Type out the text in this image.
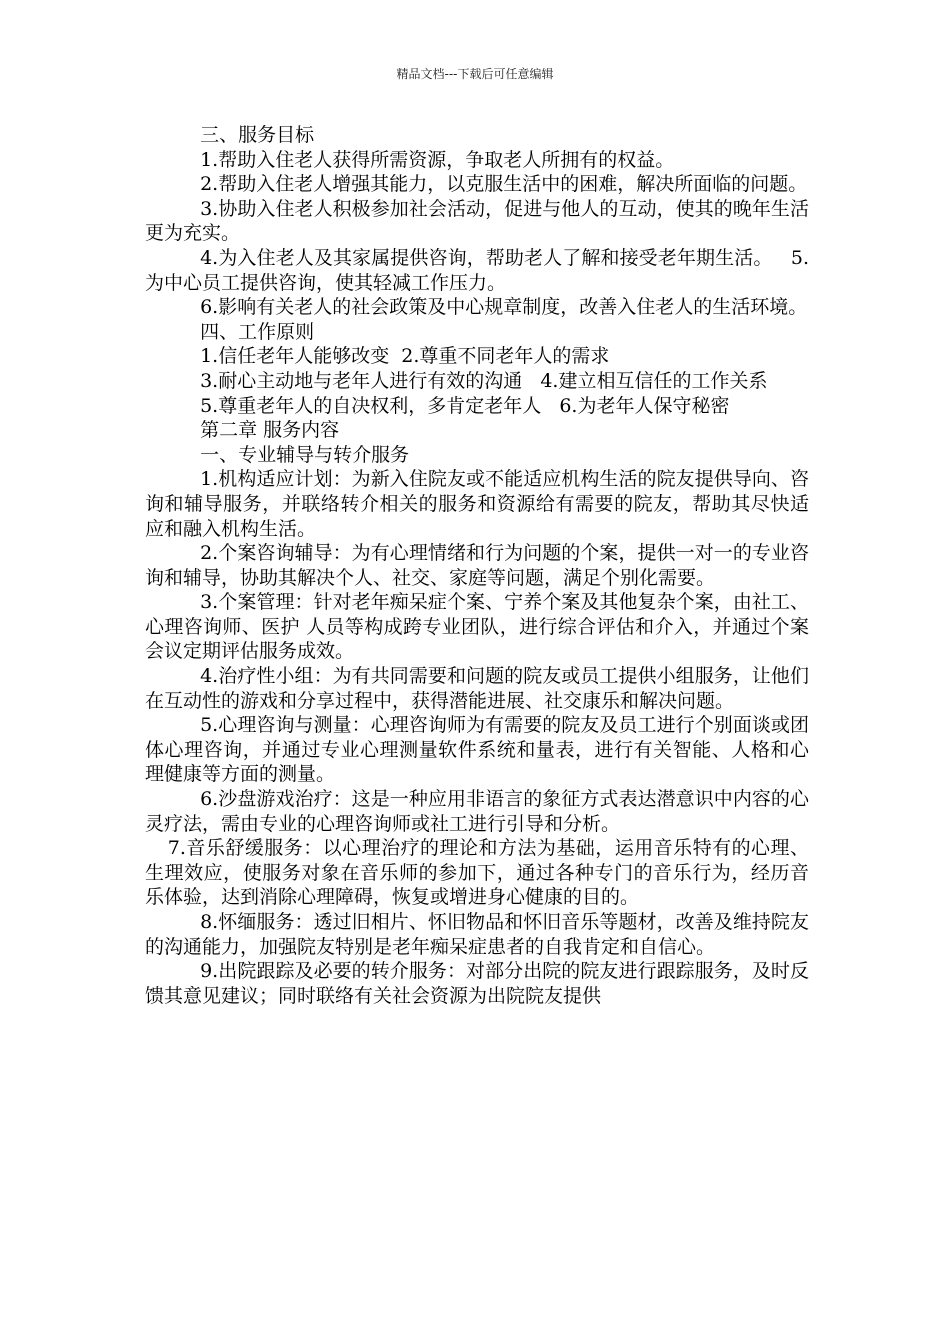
精品文档---下载后可任意编辑

三、服务目标

1.帮助入住老人获得所需资源，争取老人所拥有的权益。

2.帮助入住老人增强其能力，以克服生活中的困难，解决所面临的问题。

3.协助入住老人积极参加社会活动，促进与他人的互动，使其的晚年生活更为充实。

4.为入住老人及其家属提供咨询，帮助老人了解和接受老年期生活。   5.为中心员工提供咨询，使其轻减工作压力。

6.影响有关老人的社会政策及中心规章制度，改善入住老人的生活环境。

四、工作原则

1.信任老年人能够改变  2.尊重不同老年人的需求

3.耐心主动地与老年人进行有效的沟通   4.建立相互信任的工作关系

5.尊重老年人的自决权利，多肯定老年人   6.为老年人保守秘密

第二章 服务内容

一、专业辅导与转介服务

1.机构适应计划：为新入住院友或不能适应机构生活的院友提供导向、咨询和辅导服务，并联络转介相关的服务和资源给有需要的院友，帮助其尽快适应和融入机构生活。

2.个案咨询辅导：为有心理情绪和行为问题的个案，提供一对一的专业咨询和辅导，协助其解决个人、社交、家庭等问题，满足个别化需要。

3.个案管理：针对老年痴呆症个案、宁养个案及其他复杂个案，由社工、心理咨询师、医护 人员等构成跨专业团队，进行综合评估和介入，并通过个案会议定期评估服务成效。

4.治疗性小组：为有共同需要和问题的院友或员工提供小组服务，让他们在互动性的游戏和分享过程中，获得潜能进展、社交康乐和解决问题。

5.心理咨询与测量：心理咨询师为有需要的院友及员工进行个别面谈或团体心理咨询，并通过专业心理测量软件系统和量表，进行有关智能、人格和心理健康等方面的测量。

6.沙盘游戏治疗：这是一种应用非语言的象征方式表达潜意识中内容的心灵疗法，需由专业的心理咨询师或社工进行引导和分析。

7.音乐舒缓服务：以心理治疗的理论和方法为基础，运用音乐特有的心理、生理效应，使服务对象在音乐师的参加下，通过各种专门的音乐行为，经历音乐体验，达到消除心理障碍，恢复或增进身心健康的目的。

8.怀缅服务：透过旧相片、怀旧物品和怀旧音乐等题材，改善及维持院友的沟通能力，加强院友特别是老年痴呆症患者的自我肯定和自信心。

9.出院跟踪及必要的转介服务：对部分出院的院友进行跟踪服务，及时反馈其意见建议；同时联络有关社会资源为出院院友提供
